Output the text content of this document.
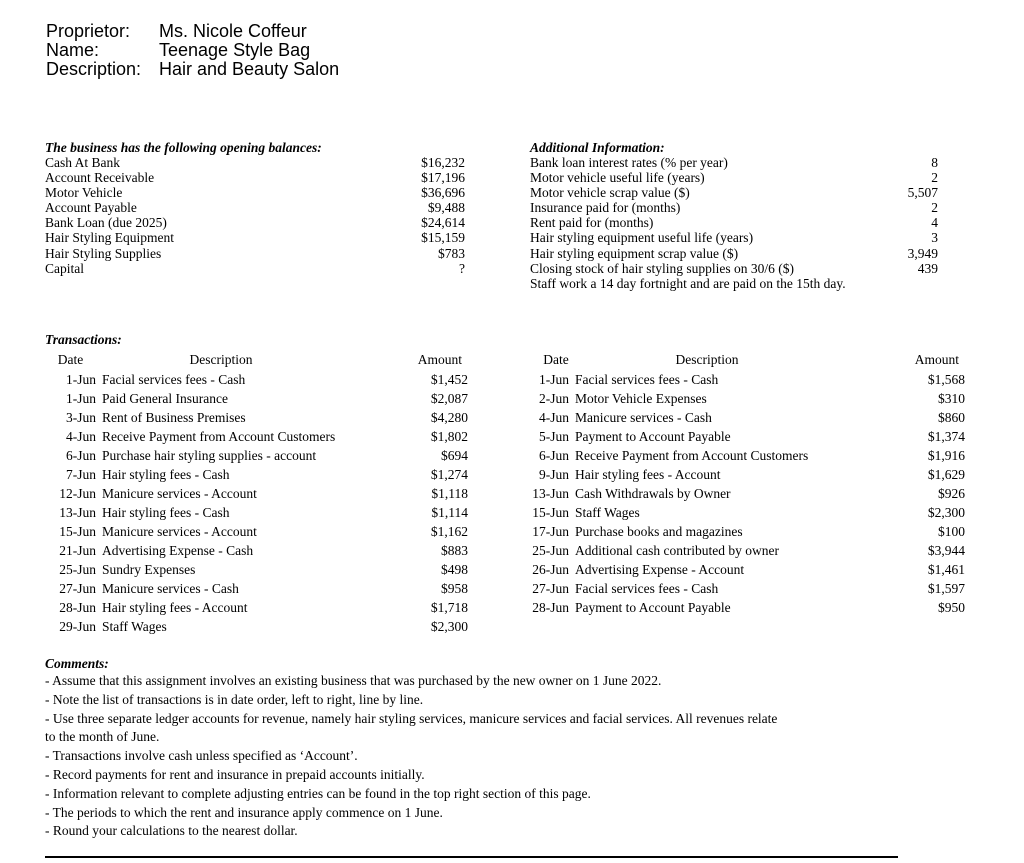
Proprietor:	Ms. Nicole Coffeur
Name:	Teenage Style Bag
Description: Hair and Beauty Salon
The business has the following opening balances:
Cash At Bank	$16,232
Account Receivable	$17,196
Motor Vehicle	$36,696
Account Payable	$9,488
Bank Loan (due 2025)	$24,614
Hair Styling Equipment	$15,159
Hair Styling Supplies	$783
Capital	?
Additional Information:
Bank loan interest rates (% per year)	8
Motor vehicle useful life (years)	2
Motor vehicle scrap value ($)	5,507
Insurance paid for (months)	2
Rent paid for (months)	4
Hair styling equipment useful life (years)	3
Hair styling equipment scrap value ($)	3,949
Closing stock of hair styling supplies on 30/6 ($)	439
Staff work a 14 day fortnight and are paid on the 15th day.
Transactions:
Date	Description	Amount
1-Jun Facial services fees - Cash	$1,452
1-Jun Paid General Insurance	$2,087
3-Jun Rent of Business Premises	$4,280
4-Jun Receive Payment from Account Customers	$1,802
6-Jun Purchase hair styling supplies - account	$694
7-Jun Hair styling fees - Cash	$1,274
12-Jun Manicure services - Account	$1,118
13-Jun Hair styling fees - Cash	$1,114
15-Jun Manicure services - Account	$1,162
21-Jun Advertising Expense - Cash	$883
25-Jun Sundry Expenses	$498
27-Jun Manicure services - Cash	$958
28-Jun Hair styling fees - Account	$1,718
29-Jun Staff Wages	$2,300
Date	Description	Amount
1-Jun Facial services fees - Cash	$1,568
2-Jun Motor Vehicle Expenses	$310
4-Jun Manicure services - Cash	$860
5-Jun Payment to Account Payable	$1,374
6-Jun Receive Payment from Account Customers	$1,916
9-Jun Hair styling fees - Account	$1,629
13-Jun Cash Withdrawals by Owner	$926
15-Jun Staff Wages	$2,300
17-Jun Purchase books and magazines	$100
25-Jun Additional cash contributed by owner	$3,944
26-Jun Advertising Expense - Account	$1,461
27-Jun Facial services fees - Cash	$1,597
28-Jun Payment to Account Payable	$950
Comments:
- Assume that this assignment involves an existing business that was purchased by the new owner on 1 June 2022.
- Note the list of transactions is in date order, left to right, line by line.
- Use three separate ledger accounts for revenue, namely hair styling services, manicure services and facial services. All revenues relate
to the month of June.
- Transactions involve cash unless specified as ‘Account’.
- Record payments for rent and insurance in prepaid accounts initially.
- Information relevant to complete adjusting entries can be found in the top right section of this page.
- The periods to which the rent and insurance apply commence on 1 June.
- Round your calculations to the nearest dollar.
